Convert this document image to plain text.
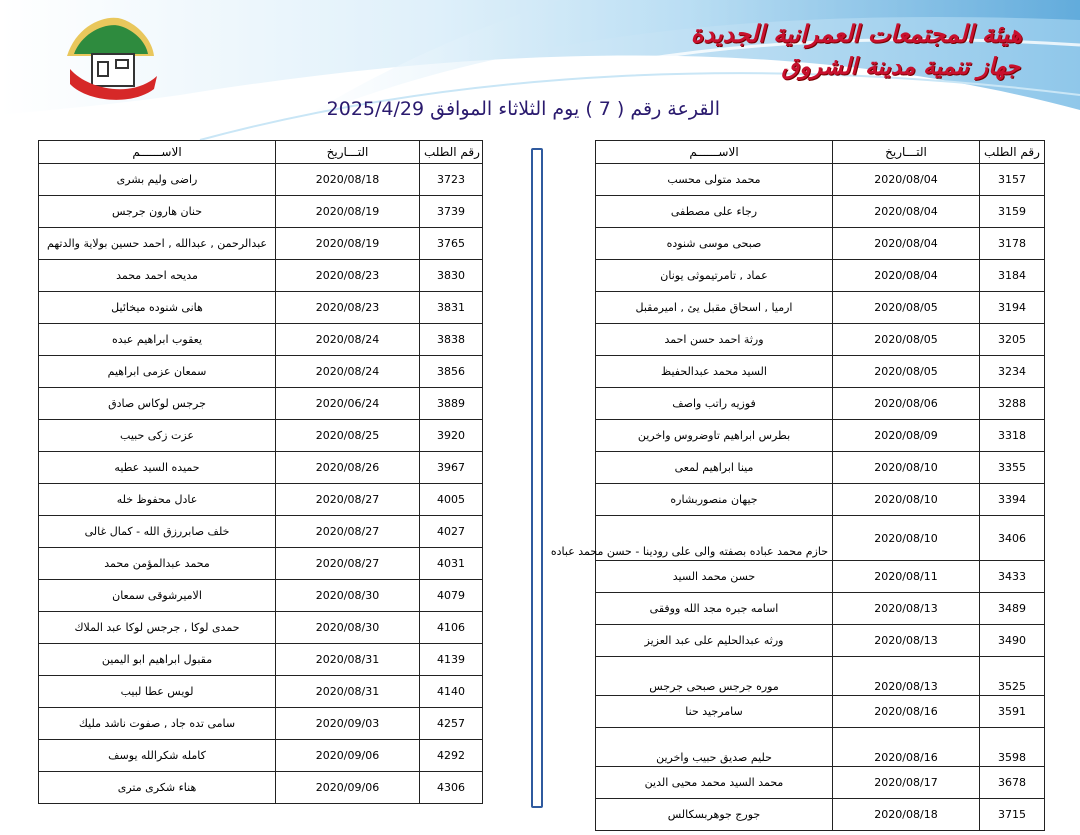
هيئة المجتمعات العمرانية الجديدة
جهاز تنمية مدينة الشروق
القرعة رقم ( 7 ) يوم الثلاثاء الموافق 2025/4/29
الاســــــم	التـــاريخ	رقم الطلب
راضى وليم بشرى	2020/08/18	3723
حنان هارون جرجس	2020/08/19	3739
عبدالرحمن , عبدالله , احمد حسين بولاية والدتهم	2020/08/19	3765
مديحه احمد محمد	2020/08/23	3830
هانى شنوده ميخائيل	2020/08/23	3831
يعقوب ابراهيم عبده	2020/08/24	3838
سمعان عزمى ابراهيم	2020/08/24	3856
جرجس لوكاس صادق	2020/06/24	3889
عزت زكى حبيب	2020/08/25	3920
حميده السيد عطيه	2020/08/26	3967
عادل محفوظ خله	2020/08/27	4005
خلف صابررزق الله - كمال غالى	2020/08/27	4027
محمد عبدالمؤمن محمد	2020/08/27	4031
الاميرشوقى سمعان	2020/08/30	4079
حمدى لوكا , جرجس لوكا عبد الملاك	2020/08/30	4106
مقبول ابراهيم ابو اليمين	2020/08/31	4139
لويس عطا لبيب	2020/08/31	4140
سامى تده جاد , صفوت ناشد مليك	2020/09/03	4257
كامله شكرالله يوسف	2020/09/06	4292
هناء شكرى مترى	2020/09/06	4306
الاســــــم	التـــاريخ	رقم الطلب
محمد متولى محسب	2020/08/04	3157
رجاء على مصطفى	2020/08/04	3159
صبحى موسى شنوده	2020/08/04	3178
عماد , تامرتيموثى يونان	2020/08/04	3184
ارميا , اسحاق مقبل يئ , اميرمقبل	2020/08/05	3194
ورثة احمد حسن احمد	2020/08/05	3205
السيد محمد عبدالحفيظ	2020/08/05	3234
فوزيه راتب واصف	2020/08/06	3288
بطرس ابراهيم تاوضروس واخرين	2020/08/09	3318
مينا ابراهيم لمعى	2020/08/10	3355
جيهان منصوربشاره	2020/08/10	3394
حازم محمد عباده بصفته والى على رودينا - حسن محمد عباده	2020/08/10	3406
حسن محمد السيد	2020/08/11	3433
اسامه جبره مجد الله ووفقى	2020/08/13	3489
ورثه عبدالحليم على عبد العزيز	2020/08/13	3490
موره جرجس صبحى جرجس	2020/08/13	3525
سامرجيد حنا	2020/08/16	3591
حليم صديق حبيب واخرين	2020/08/16	3598
محمد السيد محمد محيى الدين	2020/08/17	3678
جورج جوهربسكالس	2020/08/18	3715
